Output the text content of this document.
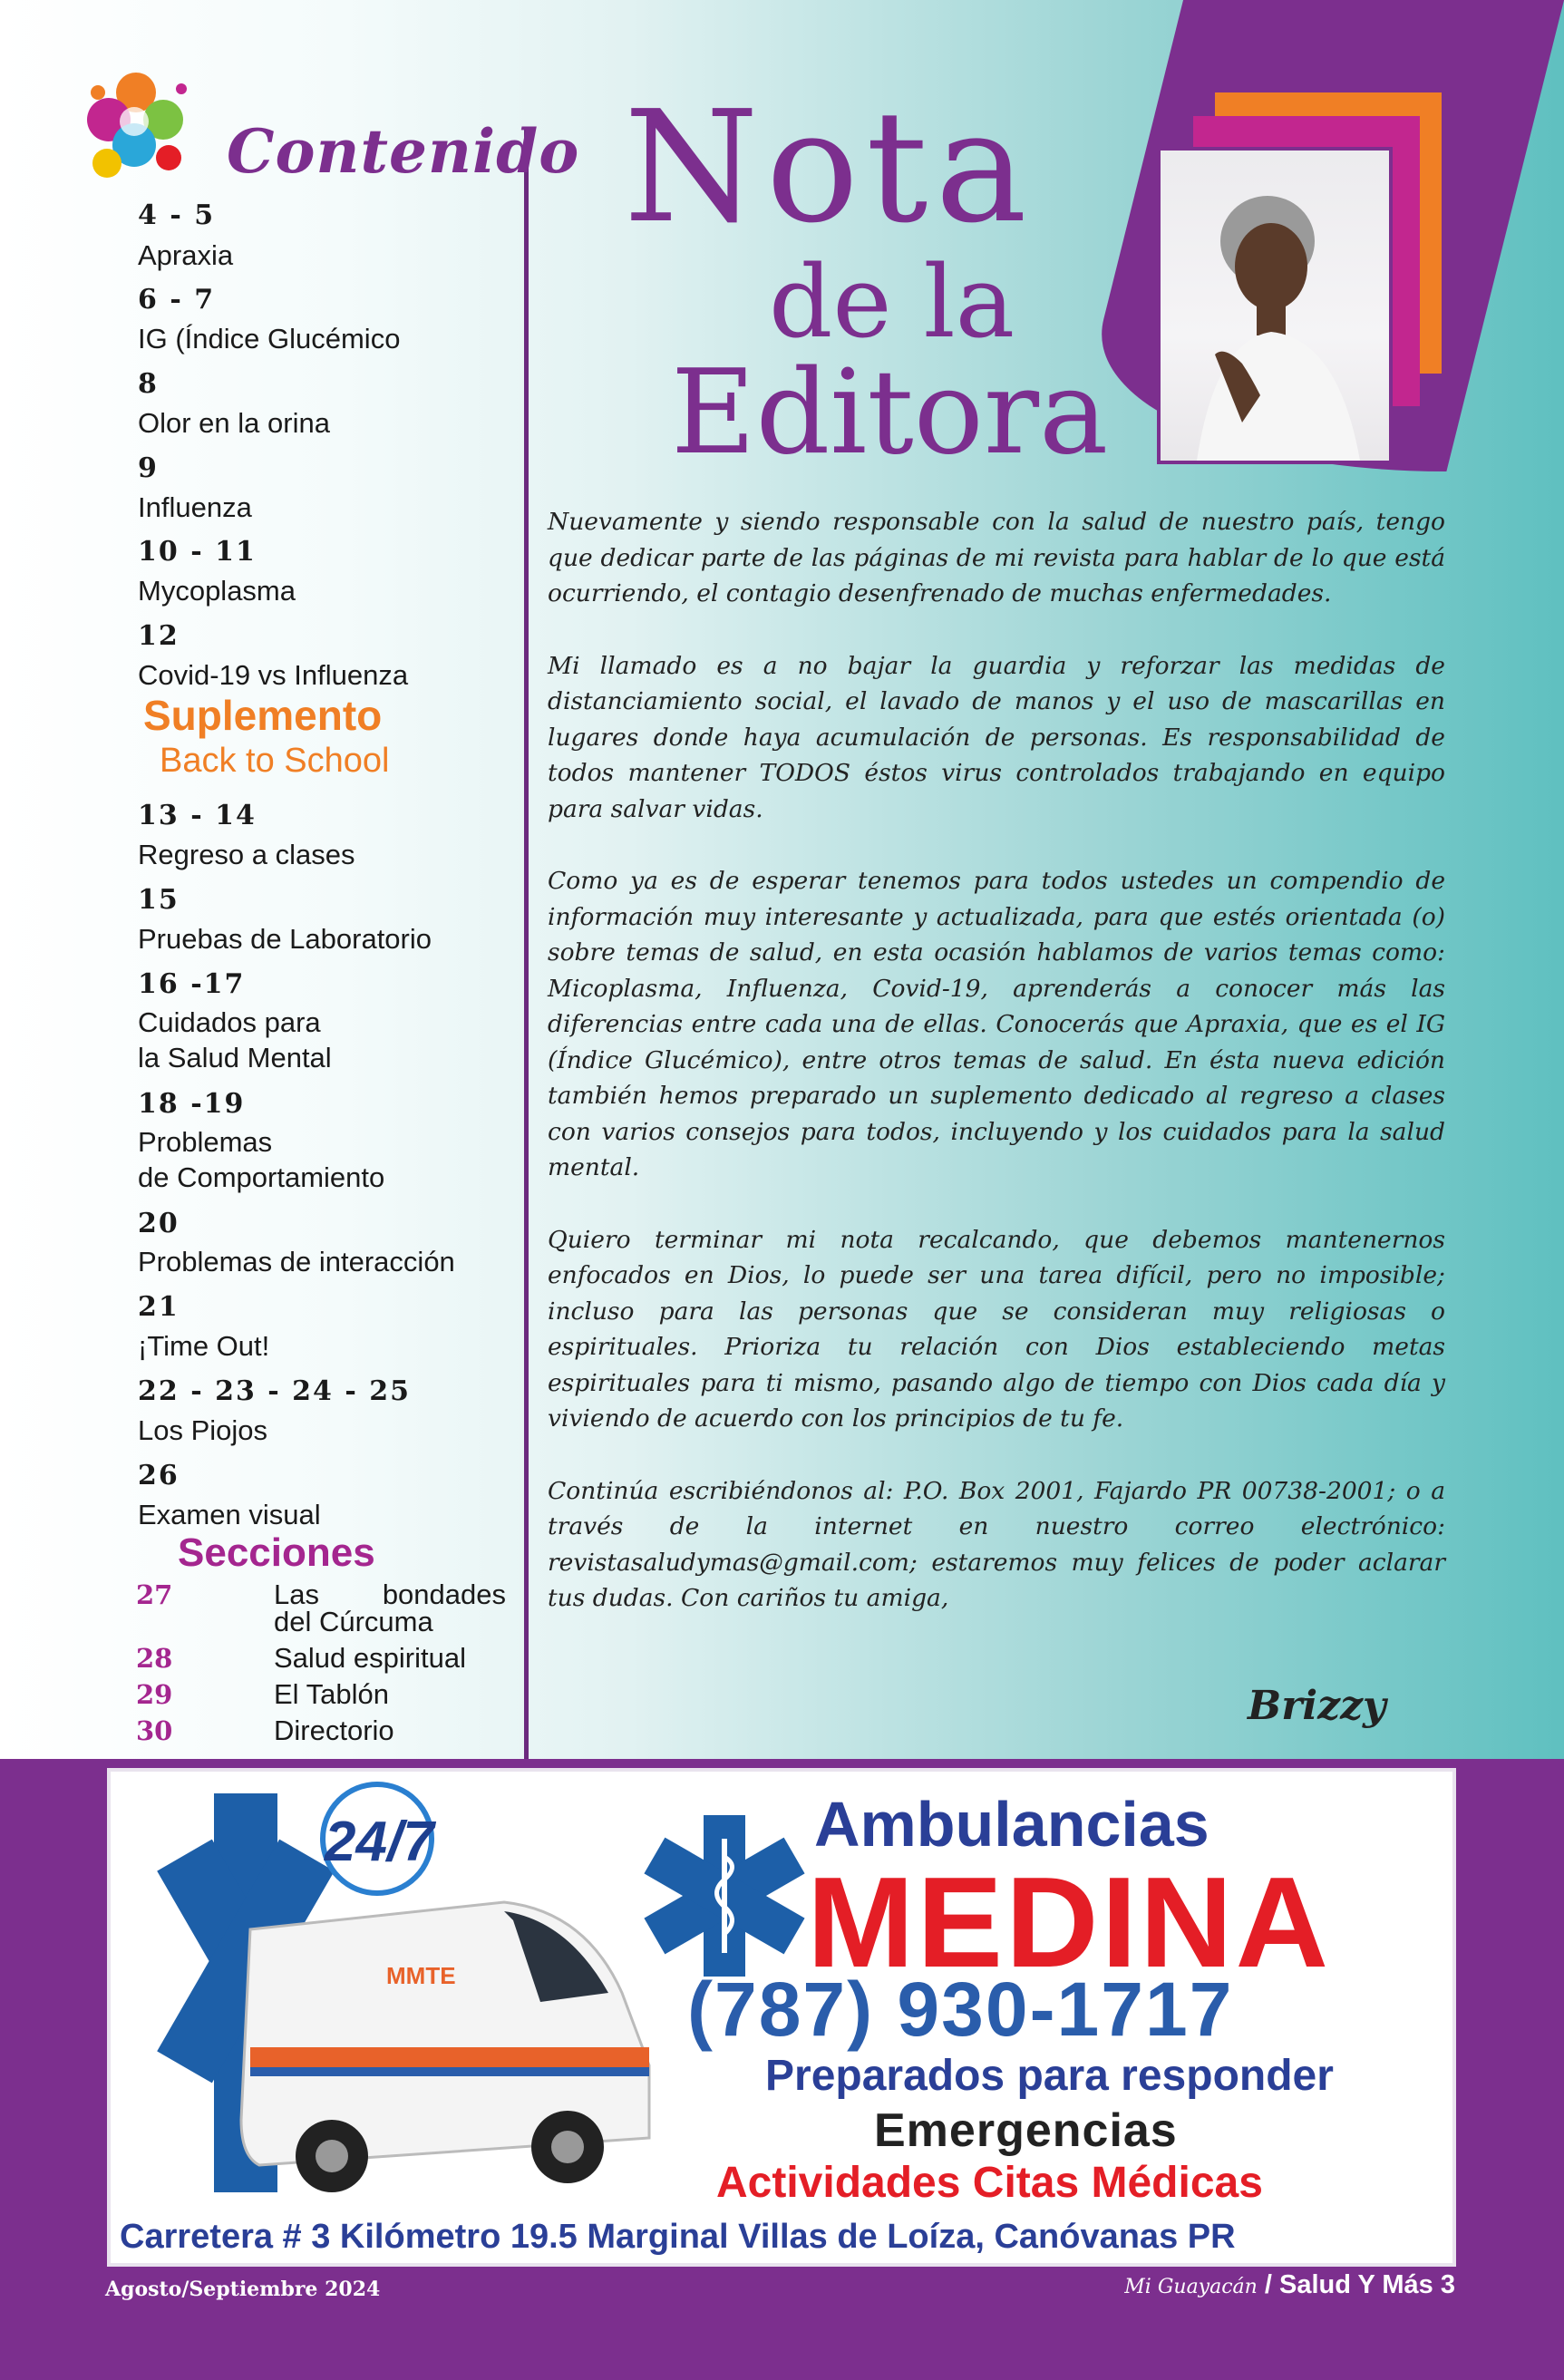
Contenido
4 - 5
Apraxia
6 - 7
IG (Índice Glucémico
8
Olor en la orina
9
Influenza
10 - 11
Mycoplasma
12
Covid-19 vs Influenza
13 - 14
Regreso a clases
15
Pruebas de Laboratorio
16 -17
Cuidados para
la Salud Mental
18 -19
Problemas
de Comportamiento
20
Problemas de interacción
21
¡Time Out!
22 - 23 - 24 - 25
Los Piojos
26
Examen visual
Suplemento
Back to School
Secciones
27	Las bondades
del Cúrcuma
28	Salud espiritual
29	El Tablón
30	Directorio
Nota
de la
Editora

Nuevamente y siendo responsable con la salud de nuestro país, tengo que dedicar parte de las páginas de mi revista para hablar de lo que está ocurriendo, el contagio desenfrenado de muchas enfermedades.

Mi llamado es a no bajar la guardia y reforzar las medidas de distanciamiento social, el lavado de manos y el uso de mascarillas en lugares donde haya acumulación de personas. Es responsabilidad de todos mantener TODOS éstos virus controlados trabajando en equipo para salvar vidas.

Como ya es de esperar tenemos para todos ustedes un compendio de información muy interesante y actualizada, para que estés orientada (o) sobre temas de salud, en esta ocasión hablamos de varios temas como: Micoplasma, Influenza, Covid-19, aprenderás a conocer más las diferencias entre cada una de ellas. Conocerás que Apraxia, que es el IG (Índice Glucémico), entre otros temas de salud. En ésta nueva edición también hemos preparado un suplemento dedicado al regreso a clases con varios consejos para todos, incluyendo y los cuidados para la salud mental.

Quiero terminar mi nota recalcando, que debemos mantenernos enfocados en Dios, lo puede ser una tarea difícil, pero no imposible; incluso para las personas que se consideran muy religiosas o espirituales. Prioriza tu relación con Dios estableciendo metas espirituales para ti mismo, pasando algo de tiempo con Dios cada día y viviendo de acuerdo con los principios de tu fe.

Continúa escribiéndonos al: P.O. Box 2001, Fajardo PR 00738-2001; o a través de la internet en nuestro correo electrónico: revistasaludymas@gmail.com; estaremos muy felices de poder aclarar tus dudas. Con cariños tu amiga,

Brizzy
24/7
MMTE
Ambulancias
MEDINA
(787) 930-1717
Preparados para responder
Emergencias
Actividades Citas Médicas
Carretera # 3 Kilómetro 19.5 Marginal Villas de Loíza, Canóvanas PR
Agosto/Septiembre 2024	Mi Guayacán / Salud Y Más 3
